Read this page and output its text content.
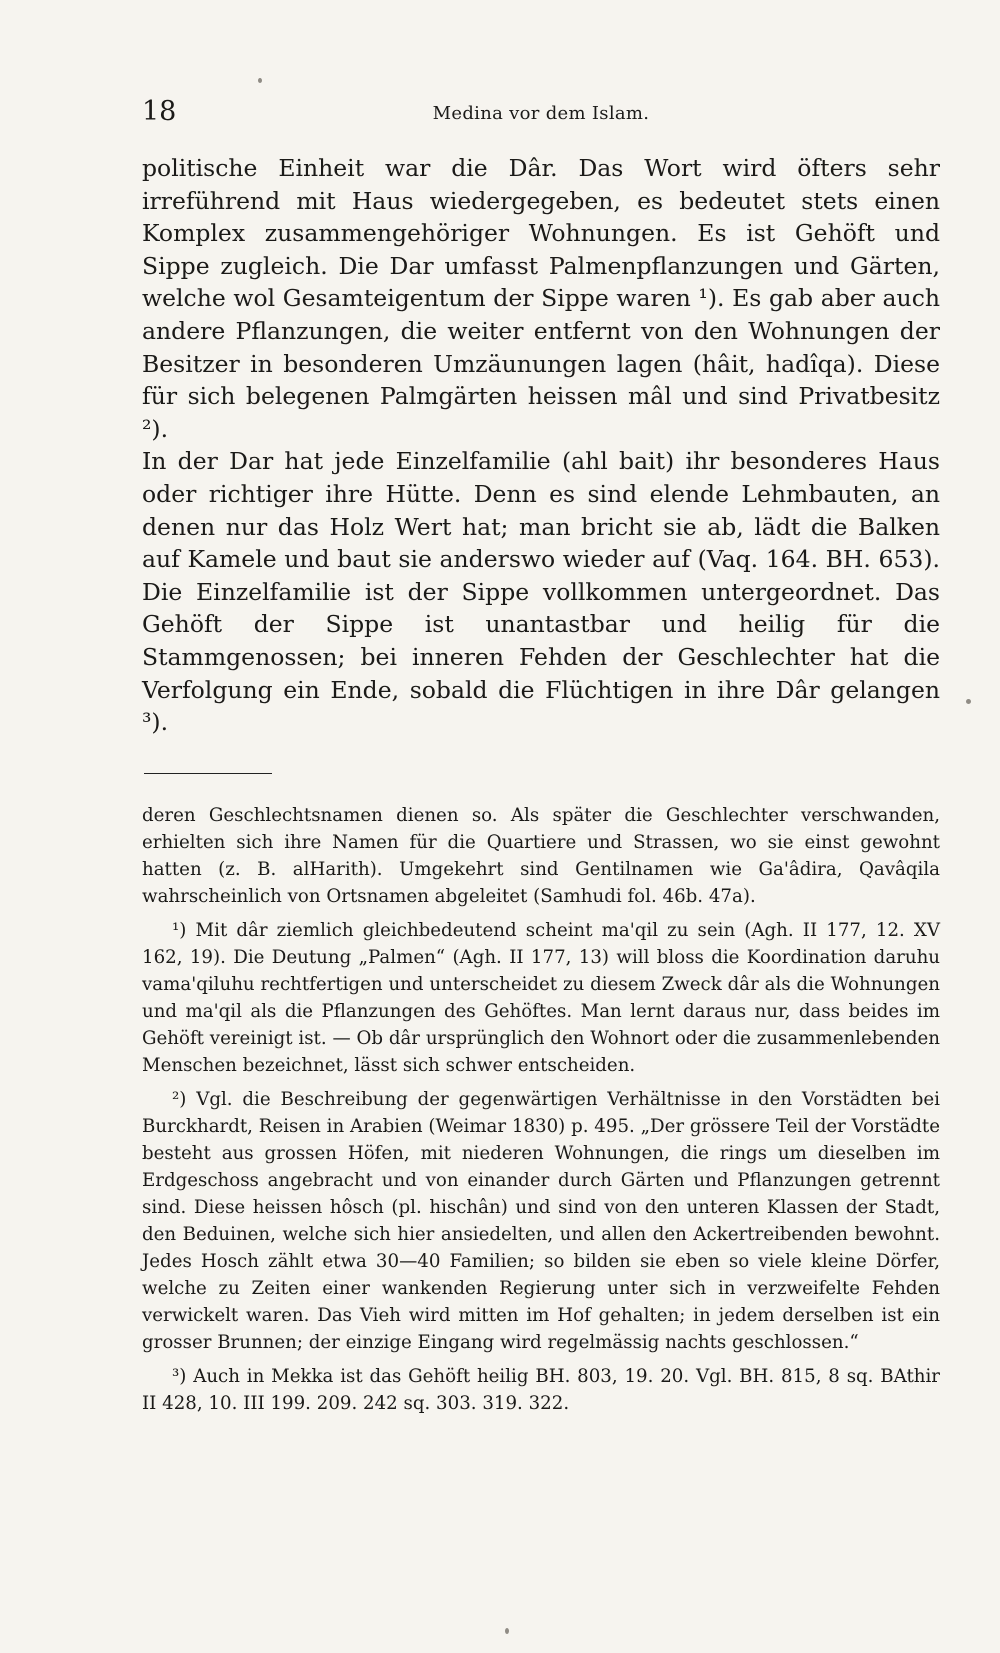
18	Medina vor dem Islam.

politische Einheit war die Dâr. Das Wort wird öfters sehr irreführend mit Haus wiedergegeben, es bedeutet stets einen Komplex zusammengehöriger Wohnungen. Es ist Gehöft und Sippe zugleich. Die Dar umfasst Palmenpflanzungen und Gärten, welche wol Gesamteigentum der Sippe waren ¹). Es gab aber auch andere Pflanzungen, die weiter entfernt von den Wohnungen der Besitzer in besonderen Umzäunungen lagen (hâit, hadîqa). Diese für sich belegenen Palmgärten heissen mâl und sind Privatbesitz ²).

In der Dar hat jede Einzelfamilie (ahl bait) ihr besonderes Haus oder richtiger ihre Hütte. Denn es sind elende Lehmbauten, an denen nur das Holz Wert hat; man bricht sie ab, lädt die Balken auf Kamele und baut sie anderswo wieder auf (Vaq. 164. BH. 653). Die Einzelfamilie ist der Sippe vollkommen untergeordnet. Das Gehöft der Sippe ist unantastbar und heilig für die Stammgenossen; bei inneren Fehden der Geschlechter hat die Verfolgung ein Ende, sobald die Flüchtigen in ihre Dâr gelangen ³).

deren Geschlechtsnamen dienen so. Als später die Geschlechter verschwanden, erhielten sich ihre Namen für die Quartiere und Strassen, wo sie einst gewohnt hatten (z. B. alHarith). Umgekehrt sind Gentilnamen wie Ga'âdira, Qavâqila wahrscheinlich von Ortsnamen abgeleitet (Samhudi fol. 46b. 47a).

¹) Mit dâr ziemlich gleichbedeutend scheint ma'qil zu sein (Agh. II 177, 12. XV 162, 19). Die Deutung „Palmen“ (Agh. II 177, 13) will bloss die Koordination daruhu vama'qiluhu rechtfertigen und unterscheidet zu diesem Zweck dâr als die Wohnungen und ma'qil als die Pflanzungen des Gehöftes. Man lernt daraus nur, dass beides im Gehöft vereinigt ist. — Ob dâr ursprünglich den Wohnort oder die zusammenlebenden Menschen bezeichnet, lässt sich schwer entscheiden.

²) Vgl. die Beschreibung der gegenwärtigen Verhältnisse in den Vorstädten bei Burckhardt, Reisen in Arabien (Weimar 1830) p. 495. „Der grössere Teil der Vorstädte besteht aus grossen Höfen, mit niederen Wohnungen, die rings um dieselben im Erdgeschoss angebracht und von einander durch Gärten und Pflanzungen getrennt sind. Diese heissen hôsch (pl. hischân) und sind von den unteren Klassen der Stadt, den Beduinen, welche sich hier ansiedelten, und allen den Ackertreibenden bewohnt. Jedes Hosch zählt etwa 30—40 Familien; so bilden sie eben so viele kleine Dörfer, welche zu Zeiten einer wankenden Regierung unter sich in verzweifelte Fehden verwickelt waren. Das Vieh wird mitten im Hof gehalten; in jedem derselben ist ein grosser Brunnen; der einzige Eingang wird regelmässig nachts geschlossen.“

³) Auch in Mekka ist das Gehöft heilig BH. 803, 19. 20. Vgl. BH. 815, 8 sq. BAthir II 428, 10. III 199. 209. 242 sq. 303. 319. 322.
